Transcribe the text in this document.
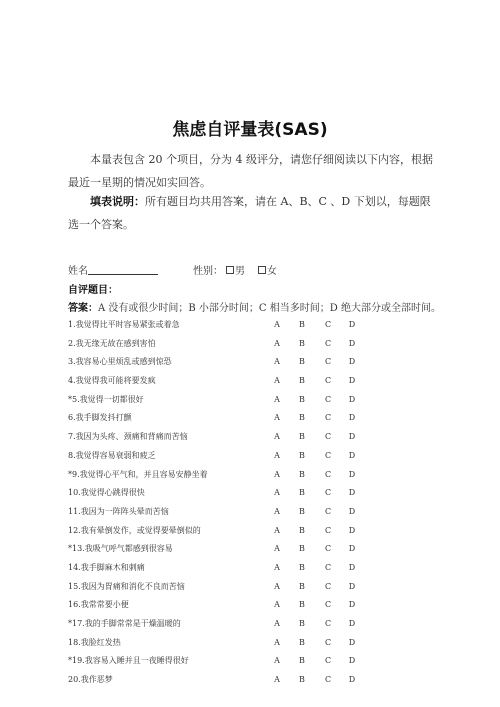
焦虑自评量表(SAS)
本量表包含 20 个项目，分为 4 级评分，请您仔细阅读以下内容，根据最近一星期的情况如实回答。
填表说明：所有题目均共用答案，请在 A、B、C 、D 下划以，每题限选一个答案。
姓名	性别： 男 女
自评题目：
答案：A 没有或很少时间；B 小部分时间；C 相当多时间；D 绝大部分或全部时间。
1.我觉得比平时容易紧张或着急	A B	C D
2.我无缘无故在感到害怕	A B	C D
3.我容易心里烦乱或感到惊恐	A B	C D
4.我觉得我可能将要发疯	A B	C D
*5.我觉得一切都很好	A B	C D
6.我手脚发抖打颤	A B	C D
7.我因为头疼、颈痛和背痛而苦恼	A B	C D
8.我觉得容易衰弱和疲乏	A B	C D
*9.我觉得心平气和，并且容易安静坐着	A B	C D
10.我觉得心跳得很快	A B	C D
11.我因为一阵阵头晕而苦恼	A B	C D
12.我有晕倒发作，或觉得要晕倒似的	A B	C D
*13.我吸气呼气都感到很容易	A B	C D
14.我手脚麻木和刺痛	A B	C D
15.我因为胃痛和消化不良而苦恼	A B	C D
16.我常常要小便	A B	C D
*17.我的手脚常常是干燥温暖的	A B	C D
18.我脸红发热	A B	C D
*19.我容易入睡并且一夜睡得很好	A B	C D
20.我作恶梦	A B	C D
